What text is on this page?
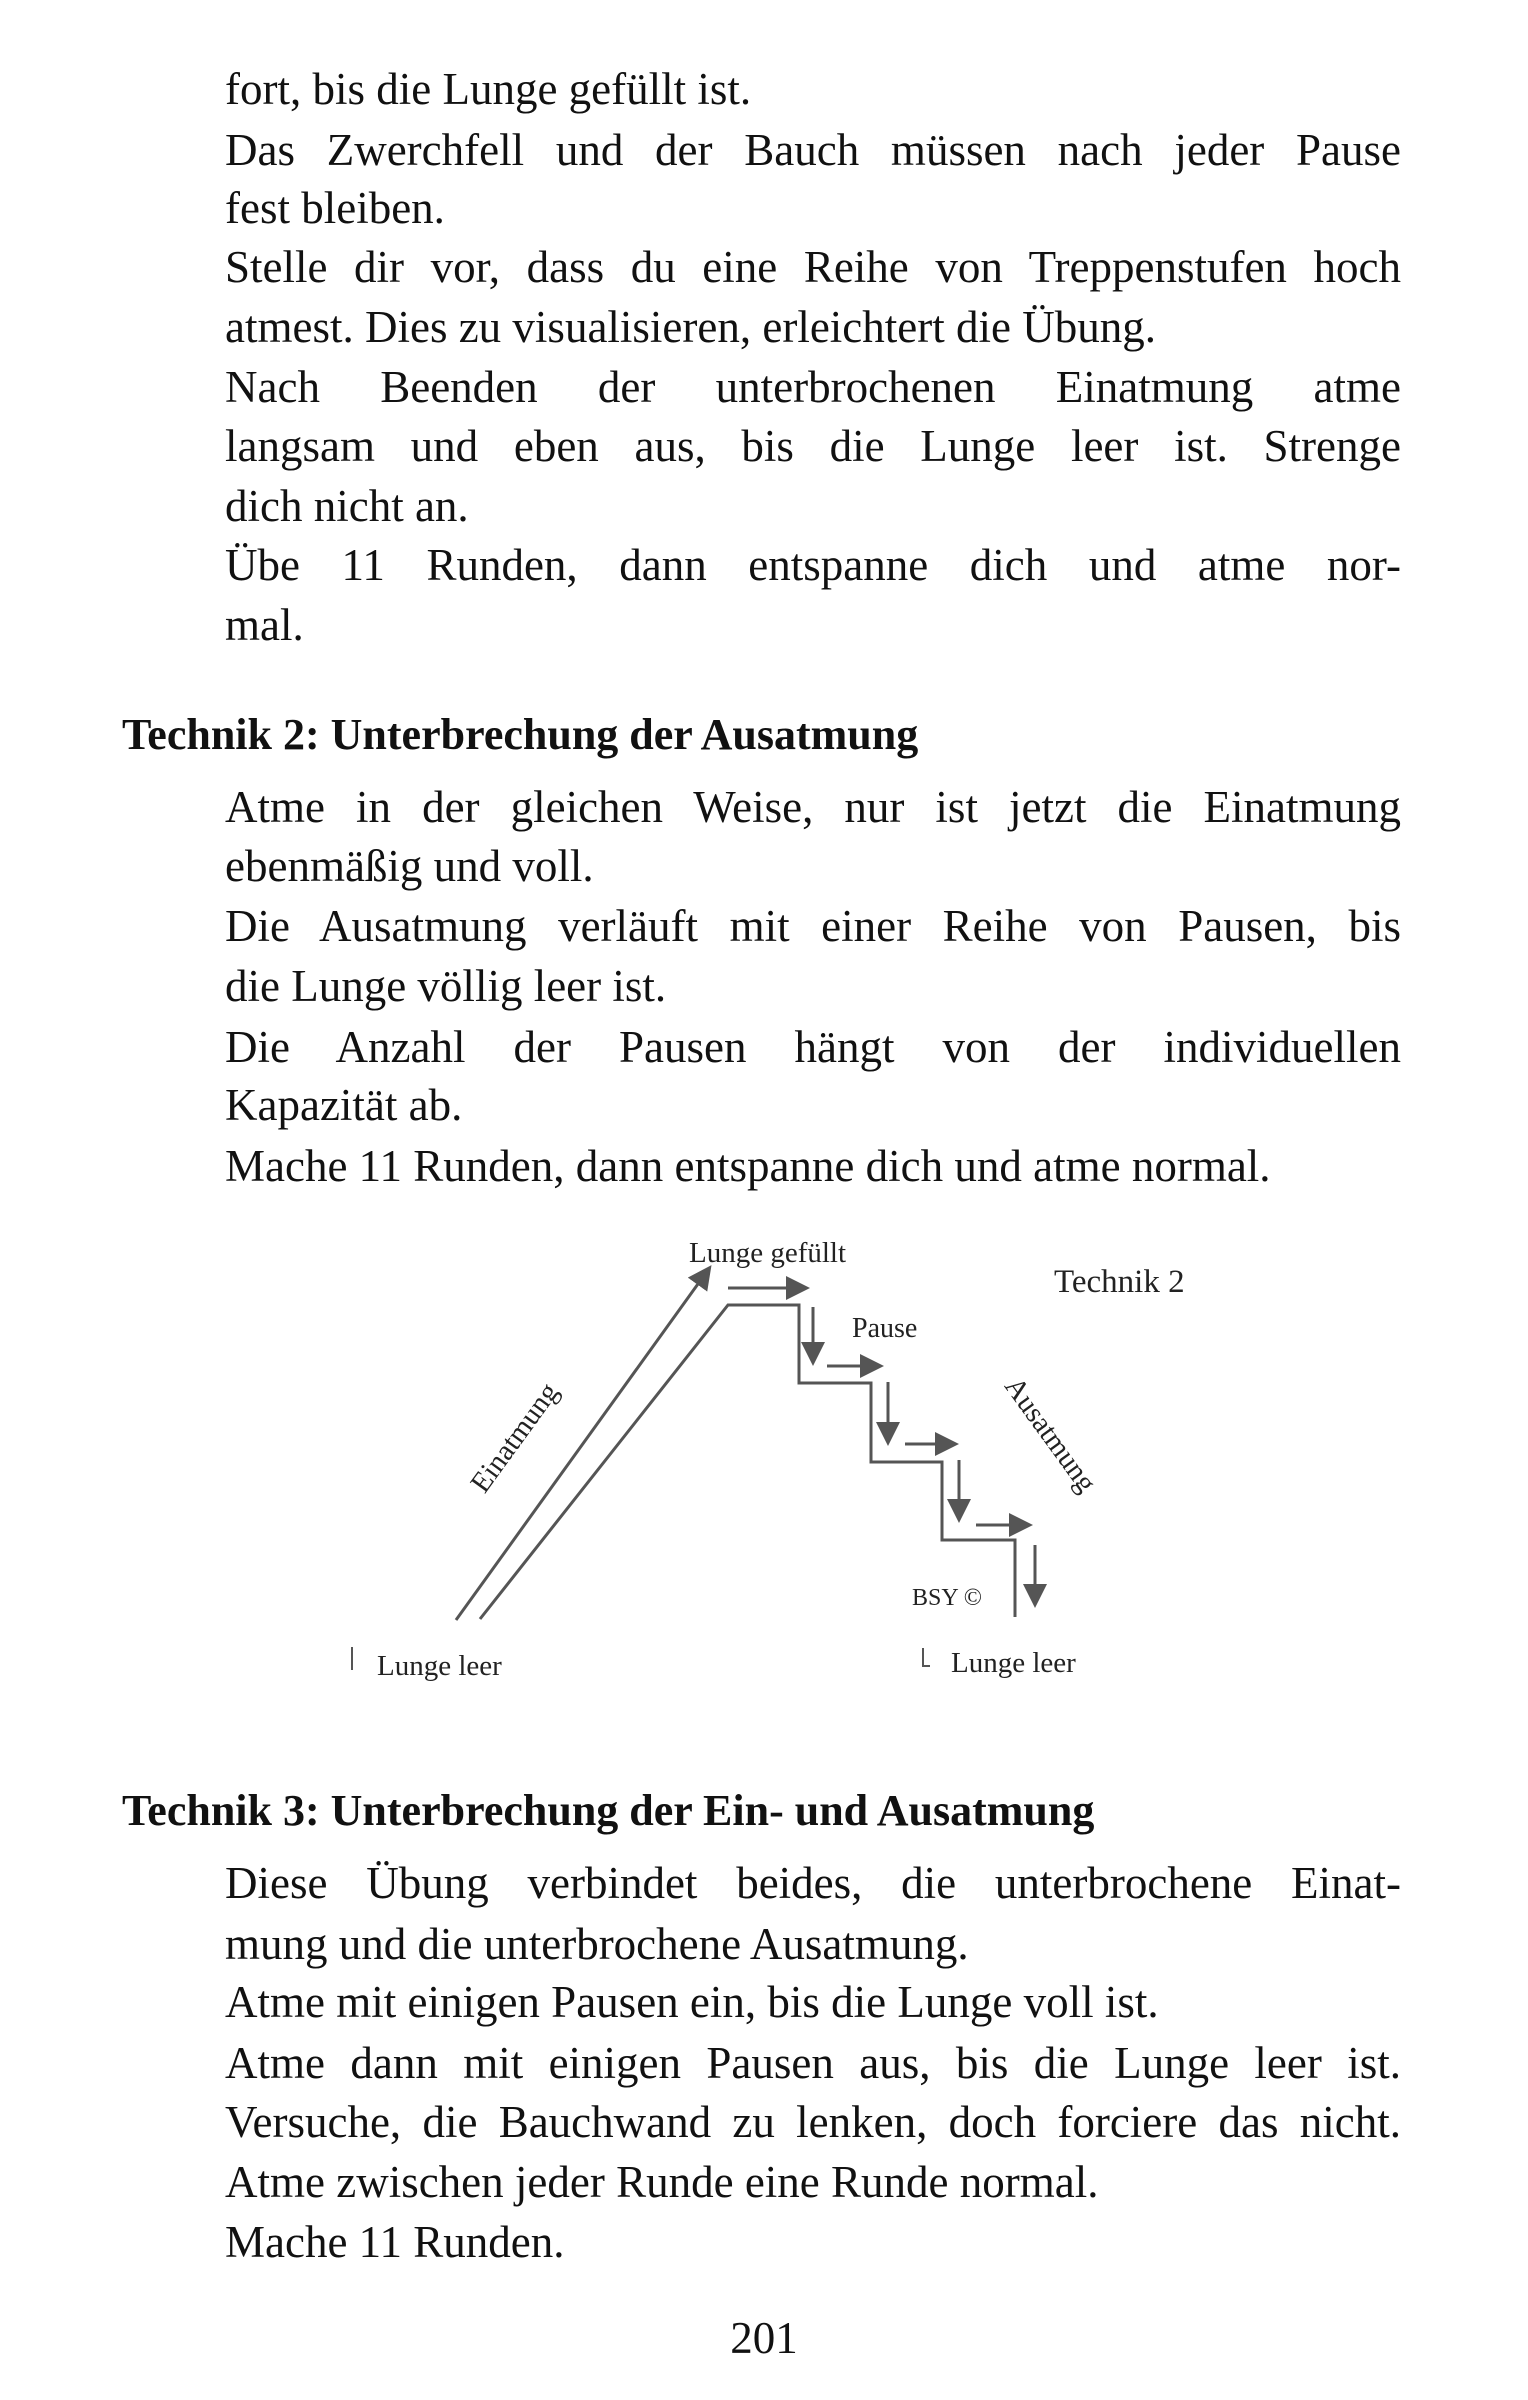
fort, bis die Lunge gefüllt ist.
Das Zwerchfell und der Bauch müssen nach jeder Pause
fest bleiben.
Stelle dir vor, dass du eine Reihe von Treppenstufen hoch
atmest. Dies zu visualisieren, erleichtert die Übung.
Nach Beenden der unterbrochenen Einatmung atme
langsam und eben aus, bis die Lunge leer ist. Strenge
dich nicht an.
Übe 11 Runden, dann entspanne dich und atme nor-
mal.
Technik 2: Unterbrechung der Ausatmung
Atme in der gleichen Weise, nur ist jetzt die Einatmung
ebenmäßig und voll.
Die Ausatmung verläuft mit einer Reihe von Pausen, bis
die Lunge völlig leer ist.
Die Anzahl der Pausen hängt von der individuellen
Kapazität ab.
Mache 11 Runden, dann entspanne dich und atme normal.
Lunge gefüllt
Technik 2
Pause
Einatmung	Ausatmung
BSY ©
Lunge leer	Lunge leer
Technik 3: Unterbrechung der Ein- und Ausatmung
Diese Übung verbindet beides, die unterbrochene Einat-
mung und die unterbrochene Ausatmung.
Atme mit einigen Pausen ein, bis die Lunge voll ist.
Atme dann mit einigen Pausen aus, bis die Lunge leer ist.
Versuche, die Bauchwand zu lenken, doch forciere das nicht.
Atme zwischen jeder Runde eine Runde normal.
Mache 11 Runden.
201
